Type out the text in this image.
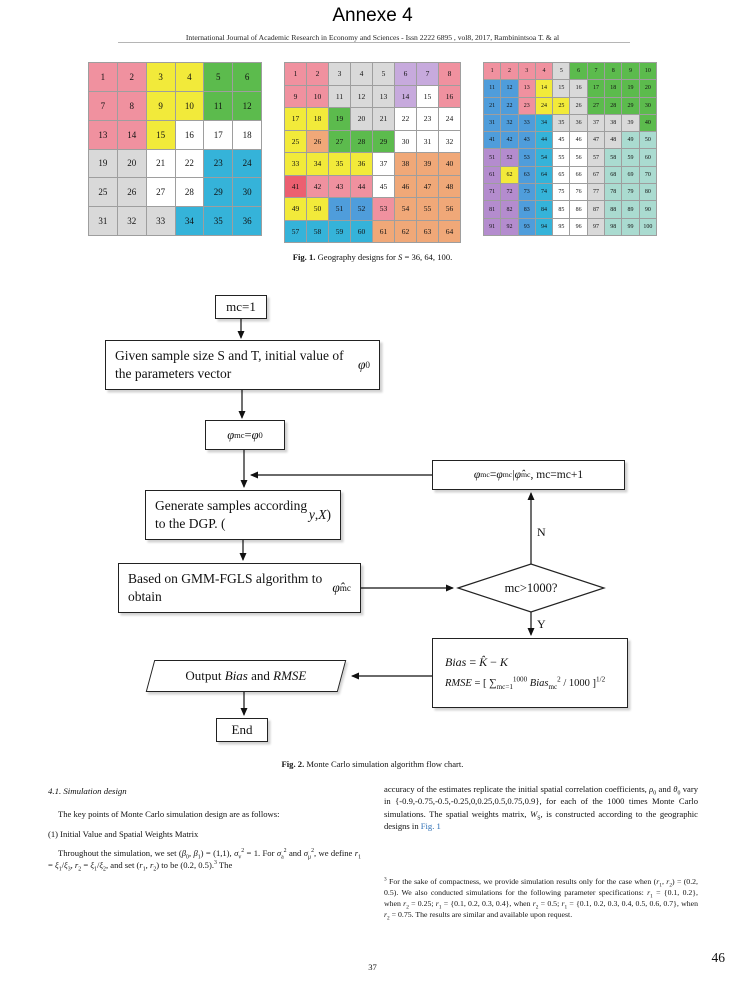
Annexe 4
International Journal of Academic Research in Economy and Sciences - Issn 2222 6895 , vol8, 2017, Rambinintsoa T. & al
1	2	3	4	5	6
7	8	9	10	11	12
13	14	15	16	17	18
19	20	21	22	23	24
25	26	27	28	29	30
31	32	33	34	35	36
1	2	3	4	5	6	7	8
9	10	11	12	13	14	15	16
17	18	19	20	21	22	23	24
25	26	27	28	29	30	31	32
33	34	35	36	37	38	39	40
41	42	43	44	45	46	47	48
49	50	51	52	53	54	55	56
57	58	59	60	61	62	63	64
1	2	3	4	5	6	7	8	9	10
11	12	13	14	15	16	17	18	19	20
21	22	23	24	25	26	27	28	29	30
31	32	33	34	35	36	37	38	39	40
41	42	43	44	45	46	47	48	49	50
51	52	53	54	55	56	57	58	59	60
61	62	63	64	65	66	67	68	69	70
71	72	73	74	75	76	77	78	79	80
81	82	83	84	85	86	87	88	89	90
91	92	93	94	95	96	97	98	99	100
Fig. 1. Geography designs for S = 36, 64, 100.
mc=1
Given sample size S and T, initial value of the parameters vector
φ 0
φ mc = φ 0
Generate samples according to the DGP. (
y , X )
Based on GMM-FGLS algorithm to obtain
φ̂ mc	mc>1000?
φ mc = φ mc | φ̂ mc , mc=mc+1
N
Y
Bias = K̂ − K
RMSE = [ $\sum_{mc=1}^{1000}$ Bias$_{mc}^2$ / 1000 ]$^{1/2}$
Output Bias and RMSE
End
Fig. 2. Monte Carlo simulation algorithm flow chart.
4.1. Simulation design

The key points of Monte Carlo simulation design are as follows:

(1) Initial Value and Spatial Weights Matrix

Throughout the simulation, we set ($\beta_0$, $\beta_1) = (1,1)$, $\sigma_v^2 = 1$. For $\sigma_a^2$ and $\sigma_\mu^2$, we define $r_1 = \xi_1/\xi_3$, $r_2 = \xi_1/\xi_2$, and set ($r_1$, $r_2$) to be (0.2, 0.5).$^3$ The

accuracy of the estimates replicate the initial spatial correlation coefficients, $\rho_0$ and $\theta_0$ vary in {-0.9,-0.75,-0.5,-0.25,0,0.25,0.5,0.75,0.9}, for each of the 1000 times Monte Carlo simulations. The spatial weights matrix, $W_S$, is constructed according to the geographic designs in Fig. 1

$^3$ For the sake of compactness, we provide simulation results only for the case when ($r_1$, $r_2) = (0.2$, 0.5). We also conducted simulations for the following parameter specifications: $r_1 = \{0.1$, 0.2}, when $r_2 = 0.25$; $r_1 = \{0.1$, 0.2, 0.3, 0.4}, when $r_2 = 0.5$; $r_1 = \{0.1$, 0.2, 0.3, 0.4, 0.5, 0.6, 0.7}, when $r_2 = 0.75$. The results are similar and available upon request.
37
46
